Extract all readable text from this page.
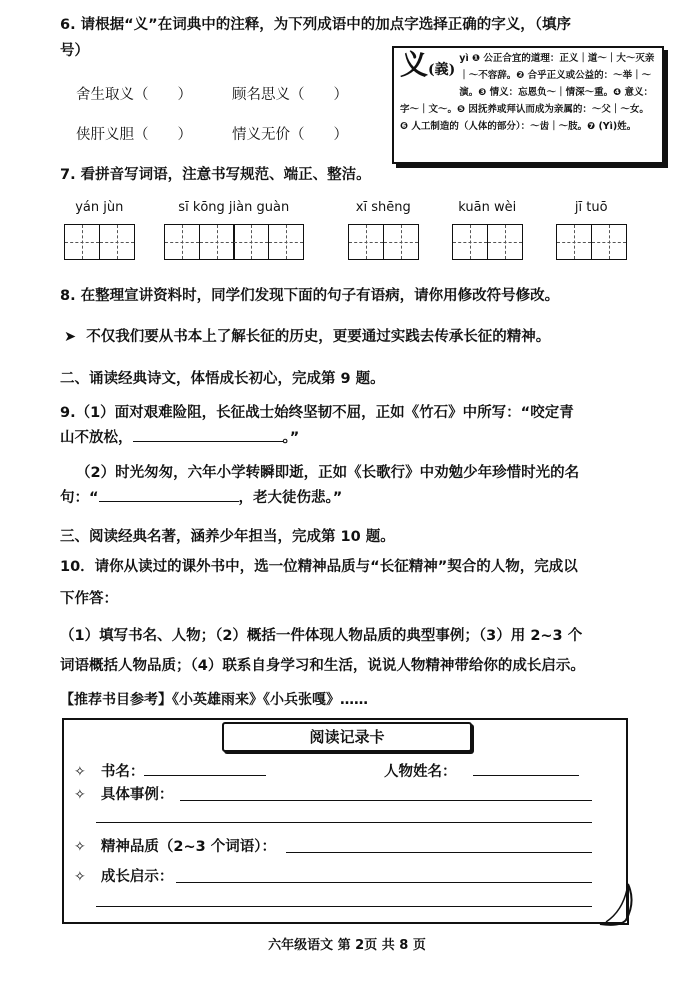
6. 请根据“义”在词典中的注释，为下列成语中的加点字选择正确的字义，（填序
号）
舍生取义（　　）	顾名思义（　　）
侠肝义胆（　　）	情义无价（　　）
义(義)
yì ❶ 公正合宜的道理：正义｜道～｜大～灭亲｜～不容辞。❷ 合乎正义或公益的：～举｜～演。❸ 情义：忘恩负～｜情深～重。❹ 意义：字～｜文～。❺ 因抚养或拜认而成为亲属的：～父｜～女。❻ 人工制造的（人体的部分）：～齿｜～肢。❼ (Yì)姓。
7. 看拼音写词语，注意书写规范、端正、整洁。
yán jùn	sī kōng jiàn guàn	xī shēng	kuān wèi	jī tuō
8. 在整理宣讲资料时，同学们发现下面的句子有语病，请你用修改符号修改。
➤ 不仅我们要从书本上了解长征的历史，更要通过实践去传承长征的精神。
二、诵读经典诗文，体悟成长初心，完成第 9 题。
9.（1）面对艰难险阻，长征战士始终坚韧不屈，正如《竹石》中所写：“咬定青
山不放松，	。”
（2）时光匆匆，六年小学转瞬即逝，正如《长歌行》中劝勉少年珍惜时光的名
句：“	，老大徒伤悲。”
三、阅读经典名著，涵养少年担当，完成第 10 题。
10．请你从读过的课外书中，选一位精神品质与“长征精神”契合的人物，完成以
下作答：
（1）填写书名、人物；（2）概括一件体现人物品质的典型事例；（3）用 2~3 个
词语概括人物品质；（4）联系自身学习和生活，说说人物精神带给你的成长启示。
【推荐书目参考】《小英雄雨来》《小兵张嘎》……
阅读记录卡
✧ 书名：	人物姓名：
✧ 具体事例：
✧ 精神品质（2~3 个词语）：
✧ 成长启示：
六年级语文 第 2页 共 8 页
